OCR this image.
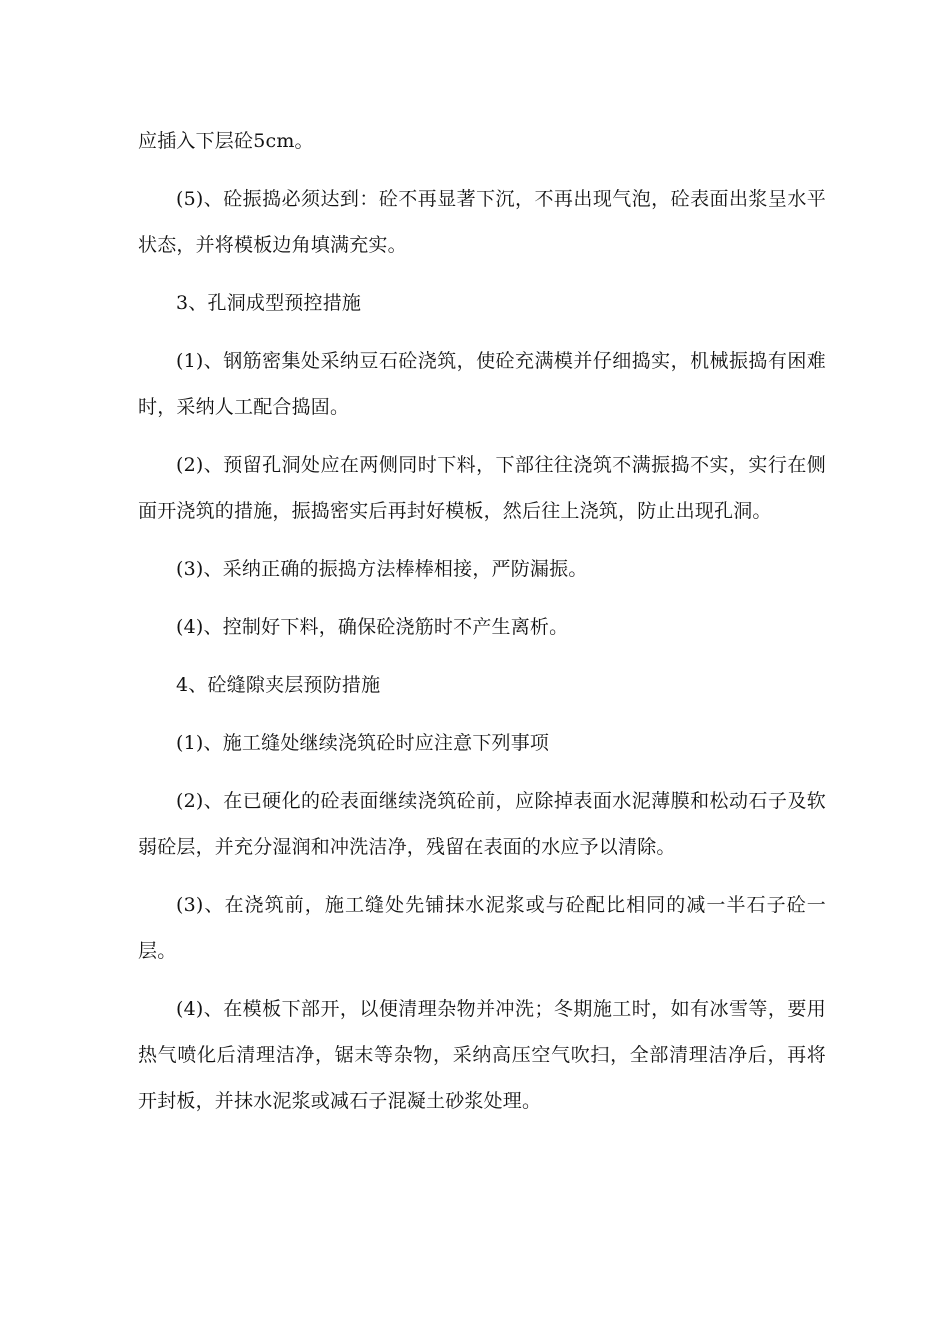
应插入下层砼5cm。

(5)、砼振捣必须达到：砼不再显著下沉，不再出现气泡，砼表面出浆呈水平状态，并将模板边角填满充实。

3、孔洞成型预控措施

(1)、钢筋密集处采纳豆石砼浇筑，使砼充满模并仔细捣实，机械振捣有困难时，采纳人工配合捣固。

(2)、预留孔洞处应在两侧同时下料，下部往往浇筑不满振捣不实，实行在侧面开浇筑的措施，振捣密实后再封好模板，然后往上浇筑，防止出现孔洞。

(3)、采纳正确的振捣方法棒棒相接，严防漏振。

(4)、控制好下料，确保砼浇筋时不产生离析。

4、砼缝隙夹层预防措施

(1)、施工缝处继续浇筑砼时应注意下列事项

(2)、在已硬化的砼表面继续浇筑砼前，应除掉表面水泥薄膜和松动石子及软弱砼层，并充分湿润和冲洗洁净，残留在表面的水应予以清除。

(3)、在浇筑前，施工缝处先铺抹水泥浆或与砼配比相同的减一半石子砼一层。

(4)、在模板下部开，以便清理杂物并冲洗；冬期施工时，如有冰雪等，要用热气喷化后清理洁净，锯末等杂物，采纳高压空气吹扫，全部清理洁净后，再将开封板，并抹水泥浆或减石子混凝土砂浆处理。
